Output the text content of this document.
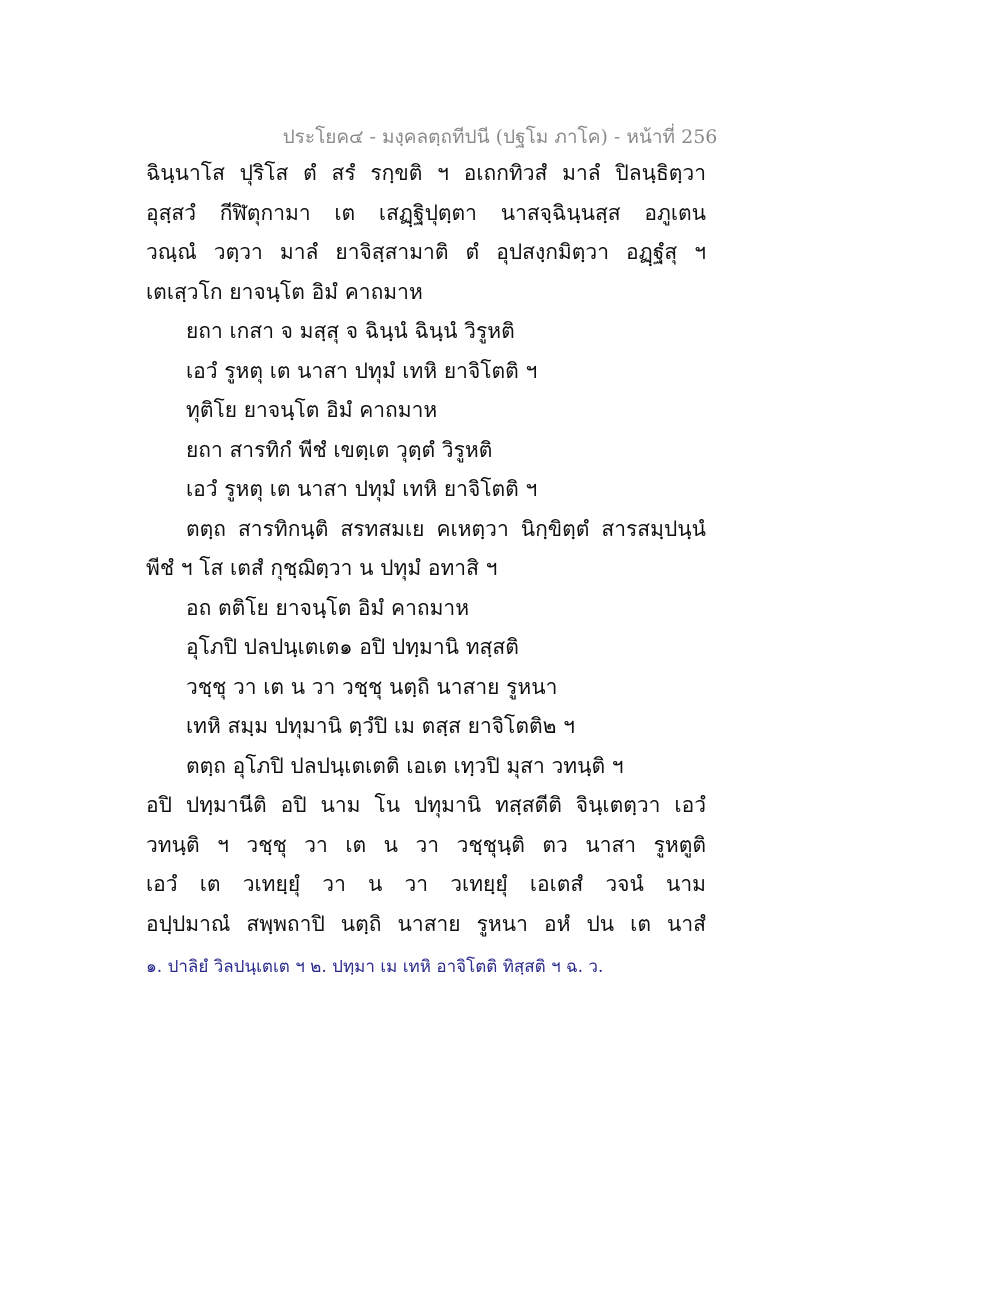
ประโยค๔ - มงฺคลตฺถทีปนี (ปฐโม ภาโค) - หน้าที่ 256
ฉินฺนาโส ปุริโส ตํ สรํ รกฺขติ ฯ อเถกทิวสํ มาลํ ปิลนฺธิตฺวา
อุสฺสวํ กีฬิตุกามา เต เสฏฺฐิปุตฺตา นาสจฺฉินฺนสฺส อภูเตน
วณฺณํ วตฺวา มาลํ ยาจิสฺสามาติ ตํ อุปสงฺกมิตฺวา อฏฺฐํสุ ฯ
เตเสฺวโก ยาจนฺโต อิมํ คาถมาห
ยถา เกสา จ มสฺสุ จ ฉินฺนํ ฉินฺนํ วิรูหติ
เอวํ รูหตุ เต นาสา ปทุมํ เทหิ ยาจิโตติ ฯ
ทุติโย ยาจนฺโต อิมํ คาถมาห
ยถา สารทิกํ พีชํ เขตฺเต วุตฺตํ วิรูหติ
เอวํ รูหตุ เต นาสา ปทุมํ เทหิ ยาจิโตติ ฯ
ตตฺถ สารทิกนฺติ สรทสมเย คเหตฺวา นิกฺขิตฺตํ สารสมฺปนฺนํ
พีชํ ฯ โส เตสํ กุชฺฌิตฺวา น ปทุมํ อทาสิ ฯ
อถ ตติโย ยาจนฺโต อิมํ คาถมาห
อุโภปิ ปลปนฺเตเต๑ อปิ ปทฺมานิ ทสฺสติ
วชฺชุ วา เต น วา วชฺชุ นตฺถิ นาสาย รูหนา
เทหิ สมฺม ปทุมานิ ตฺวํปิ เม ตสฺส ยาจิโตติ๒ ฯ
ตตฺถ อุโภปิ ปลปนฺเตเตติ เอเต เทฺวปิ มุสา วทนฺติ ฯ
อปิ ปทฺมานีติ อปิ นาม โน ปทุมานิ ทสฺสตีติ จินฺเตตฺวา เอวํ
วทนฺติ ฯ วชฺชุ วา เต น วา วชฺชุนฺติ ตว นาสา รูหตูติ
เอวํ เต วเทยฺยุํ วา น วา วเทยฺยุํ เอเตสํ วจนํ นาม
อปฺปมาณํ สพฺพถาปิ นตฺถิ นาสาย รูหนา อหํ ปน เต นาสํ
๑. ปาลิยํ วิลปนฺเตเต ฯ ๒. ปทฺมา เม เทหิ อาจิโตติ ทิสฺสติ ฯ ฉ. ว.
